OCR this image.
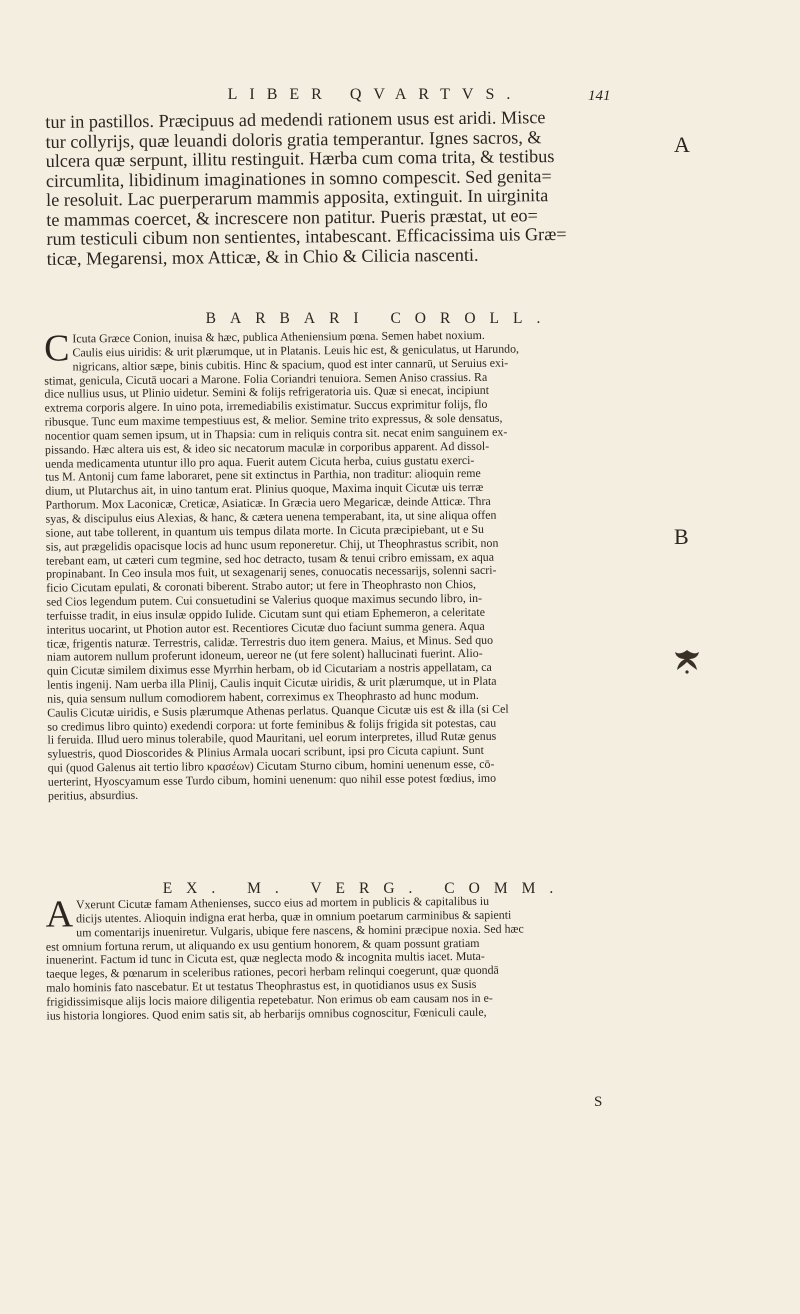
LIBER QVARTVS.	141
tur in pastillos. Præcipuus ad medendi rationem usus est aridi. Misce
tur collyrijs, quæ leuandi doloris gratia temperantur. Ignes sacros, &
ulcera quæ serpunt, illitu restinguit. Hærba cum coma trita, & testibus
circumlita, libidinum imaginationes in somno compescit. Sed genita=
le resoluit. Lac puerperarum mammis apposita, extinguit. In uirginita
te mammas coercet, & increscere non patitur. Pueris præstat, ut eo=
rum testiculi cibum non sentientes, intabescant. Efficacissima uis Græ=
ticæ, Megarensi, mox Atticæ, & in Chio & Cilicia nascenti.
BARBARI COROLL.
C Icuta Græce Conion, inuisa & hæc, publica Atheniensium pœna. Semen habet noxium.
Caulis eius uiridis: & urit plærumque, ut in Platanis. Leuis hic est, & geniculatus, ut Harundo,
nigricans, altior sæpe, binis cubitis. Hinc & spacium, quod est inter cannarū, ut Seruius exi-
stimat, genicula, Cicutā uocari a Marone. Folia Coriandri tenuiora. Semen Aniso crassius. Ra
dice nullius usus, ut Plinio uidetur. Semini & folijs refrigeratoria uis. Quæ si enecat, incipiunt
extrema corporis algere. In uino pota, irremediabilis existimatur. Succus exprimitur folijs, flo
ribusque. Tunc eum maxime tempestiuus est, & melior. Semine trito expressus, & sole densatus,
nocentior quam semen ipsum, ut in Thapsia: cum in reliquis contra sit. necat enim sanguinem ex-
pissando. Hæc altera uis est, & ideo sic necatorum maculæ in corporibus apparent. Ad dissol-
uenda medicamenta utuntur illo pro aqua. Fuerit autem Cicuta herba, cuius gustatu exerci-
tus M. Antonij cum fame laboraret, pene sit extinctus in Parthia, non traditur: alioquin reme
dium, ut Plutarchus ait, in uino tantum erat. Plinius quoque, Maxima inquit Cicutæ uis terræ
Parthorum. Mox Laconicæ, Creticæ, Asiaticæ. In Græcia uero Megaricæ, deinde Atticæ. Thra
syas, & discipulus eius Alexias, & hanc, & cætera uenena temperabant, ita, ut sine aliqua offen
sione, aut tabe tollerent, in quantum uis tempus dilata morte. In Cicuta præcipiebant, ut e Su
sis, aut prægelidis opacisque locis ad hunc usum reponeretur. Chij, ut Theophrastus scribit, non
terebant eam, ut cæteri cum tegmine, sed hoc detracto, tusam & tenui cribro emissam, ex aqua
propinabant. In Ceo insula mos fuit, ut sexagenarij senes, conuocatis necessarijs, solenni sacri-
ficio Cicutam epulati, & coronati biberent. Strabo autor; ut fere in Theophrasto non Chios,
sed Cios legendum putem. Cui consuetudini se Valerius quoque maximus secundo libro, in-
terfuisse tradit, in eius insulæ oppido Iulide. Cicutam sunt qui etiam Ephemeron, a celeritate
interitus uocarint, ut Photion autor est. Recentiores Cicutæ duo faciunt summa genera. Aqua
ticæ, frigentis naturæ. Terrestris, calidæ. Terrestris duo item genera. Maius, et Minus. Sed quo
niam autorem nullum proferunt idoneum, uereor ne (ut fere solent) hallucinati fuerint. Alio-
quin Cicutæ similem diximus esse Myrrhin herbam, ob id Cicutariam a nostris appellatam, ca
lentis ingenij. Nam uerba illa Plinij, Caulis inquit Cicutæ uiridis, & urit plærumque, ut in Plata
nis, quia sensum nullum comodiorem habent, correximus ex Theophrasto ad hunc modum.
Caulis Cicutæ uiridis, e Susis plærumque Athenas perlatus. Quanque Cicutæ uis est & illa (si Cel
so credimus libro quinto) exedendi corpora: ut forte feminibus & folijs frigida sit potestas, cau
li feruida. Illud uero minus tolerabile, quod Mauritani, uel eorum interpretes, illud Rutæ genus
syluestris, quod Dioscorides & Plinius Armala uocari scribunt, ipsi pro Cicuta capiunt. Sunt
qui (quod Galenus ait tertio libro κρασέων) Cicutam Sturno cibum, homini uenenum esse, cō-
uerterint, Hyoscyamum esse Turdo cibum, homini uenenum: quo nihil esse potest fœdius, imo
peritius, absurdius.
EX. M. VERG. COMM.
A Vxerunt Cicutæ famam Athenienses, succo eius ad mortem in publicis & capitalibus iu
dicijs utentes. Alioquin indigna erat herba, quæ in omnium poetarum carminibus & sapienti
um comentarijs inueniretur. Vulgaris, ubique fere nascens, & homini præcipue noxia. Sed hæc
est omnium fortuna rerum, ut aliquando ex usu gentium honorem, & quam possunt gratiam
inuenerint. Factum id tunc in Cicuta est, quæ neglecta modo & incognita multis iacet. Muta-
taeque leges, & pœnarum in sceleribus rationes, pecori herbam relinqui coegerunt, quæ quondā
malo hominis fato nascebatur. Et ut testatus Theophrastus est, in quotidianos usus ex Susis
frigidissimisque alijs locis maiore diligentia repetebatur. Non erimus ob eam causam nos in e-
ius historia longiores. Quod enim satis sit, ab herbarijs omnibus cognoscitur, Fœniculi caule,
A
B
S
